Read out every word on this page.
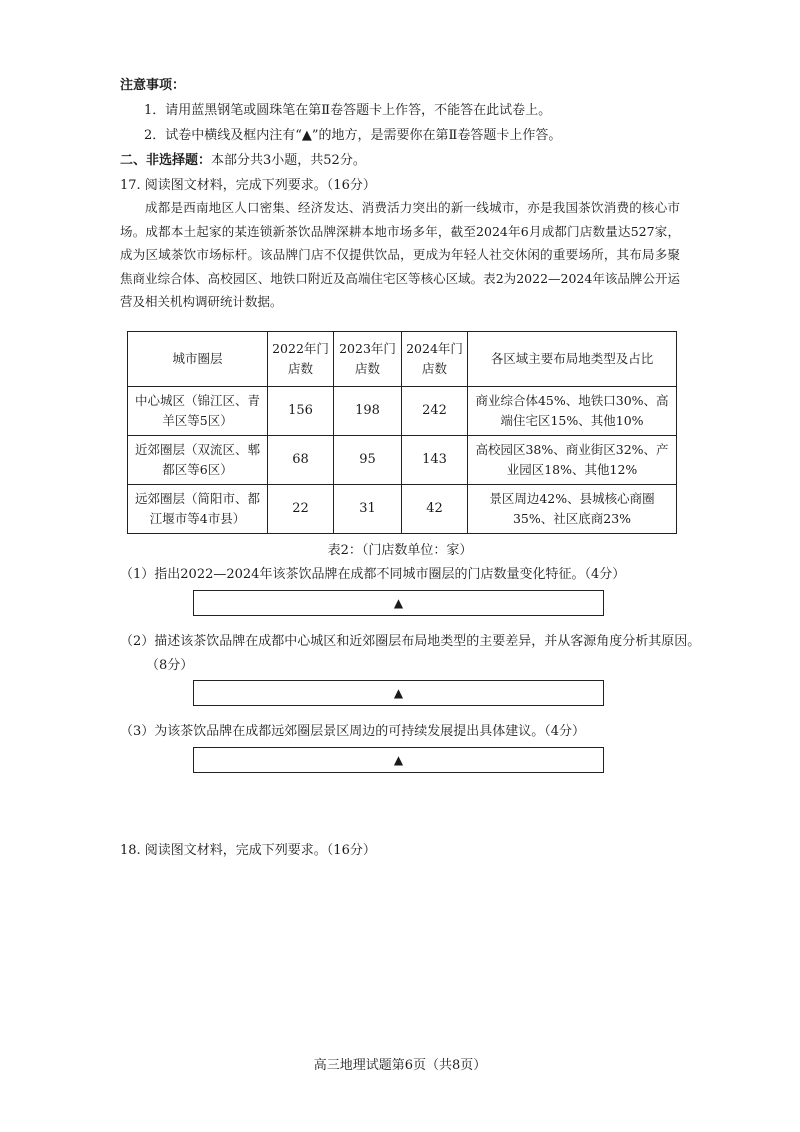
注意事项：
1．请用蓝黑钢笔或圆珠笔在第Ⅱ卷答题卡上作答，不能答在此试卷上。
2．试卷中横线及框内注有“▲”的地方，是需要你在第Ⅱ卷答题卡上作答。
二、非选择题：本部分共3小题，共52分。
17. 阅读图文材料，完成下列要求。（16分）
成都是西南地区人口密集、经济发达、消费活力突出的新一线城市，亦是我国茶饮消费的核心市场。成都本土起家的某连锁新茶饮品牌深耕本地市场多年，截至2024年6月成都门店数量达527家，成为区域茶饮市场标杆。该品牌门店不仅提供饮品，更成为年轻人社交休闲的重要场所，其布局多聚焦商业综合体、高校园区、地铁口附近及高端住宅区等核心区域。表2为2022—2024年该品牌公开运营及相关机构调研统计数据。
城市圈层	2022年门店数	2023年门店数	2024年门店数	各区域主要布局地类型及占比
中心城区（锦江区、青羊区等5区）	156	198	242	商业综合体45%、地铁口30%、高端住宅区15%、其他10%
近郊圈层（双流区、郫都区等6区）	68	95	143	高校园区38%、商业街区32%、产业园区18%、其他12%
远郊圈层（简阳市、都江堰市等4市县）	22	31	42	景区周边42%、县城核心商圈35%、社区底商23%
表2：（门店数单位：家）
（1）指出2022—2024年该茶饮品牌在成都不同城市圈层的门店数量变化特征。（4分）
▲
（2）描述该茶饮品牌在成都中心城区和近郊圈层布局地类型的主要差异，并从客源角度分析其原因。
（8分）
▲
（3）为该茶饮品牌在成都远郊圈层景区周边的可持续发展提出具体建议。（4分）
▲
18. 阅读图文材料，完成下列要求。（16分）
高三地理试题第6页（共8页）
